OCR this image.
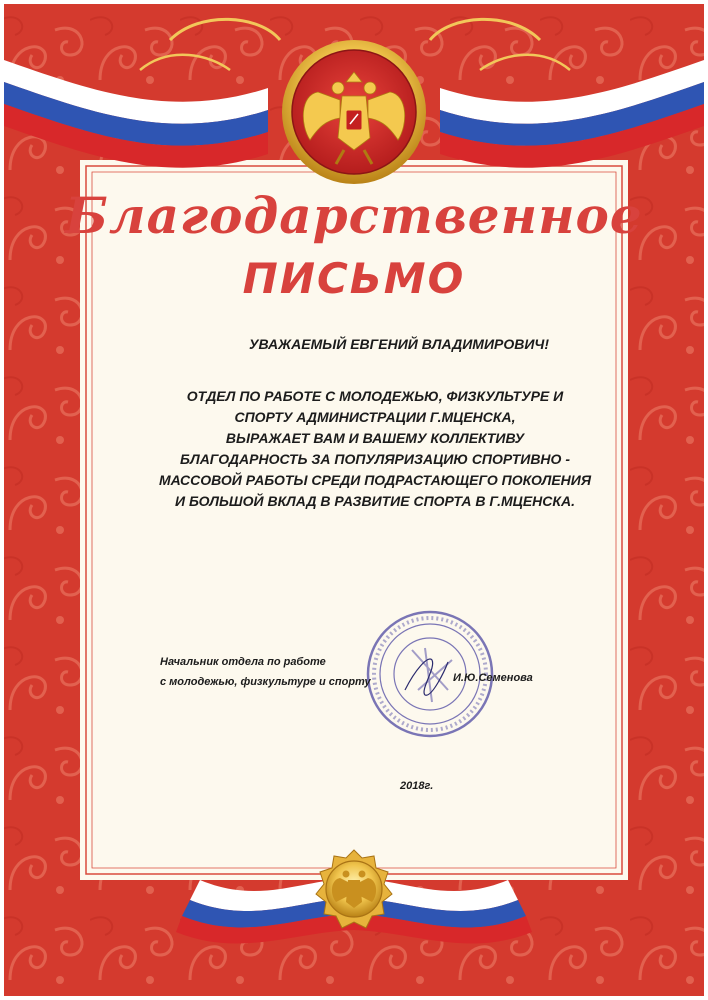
Благодарственное
ПИСЬМО

УВАЖАЕМЫЙ ЕВГЕНИЙ ВЛАДИМИРОВИЧ!

ОТДЕЛ ПО РАБОТЕ С МОЛОДЕЖЬЮ, ФИЗКУЛЬТУРЕ И
СПОРТУ АДМИНИСТРАЦИИ Г.МЦЕНСКА,
ВЫРАЖАЕТ ВАМ И ВАШЕМУ КОЛЛЕКТИВУ
БЛАГОДАРНОСТЬ ЗА ПОПУЛЯРИЗАЦИЮ СПОРТИВНО -
МАССОВОЙ РАБОТЫ СРЕДИ ПОДРАСТАЮЩЕГО ПОКОЛЕНИЯ
И БОЛЬШОЙ ВКЛАД В РАЗВИТИЕ СПОРТА В Г.МЦЕНСКА.
Начальник отдела по работе
с молодежью, физкультуре и спорту	И.Ю.Семенова
2018г.
